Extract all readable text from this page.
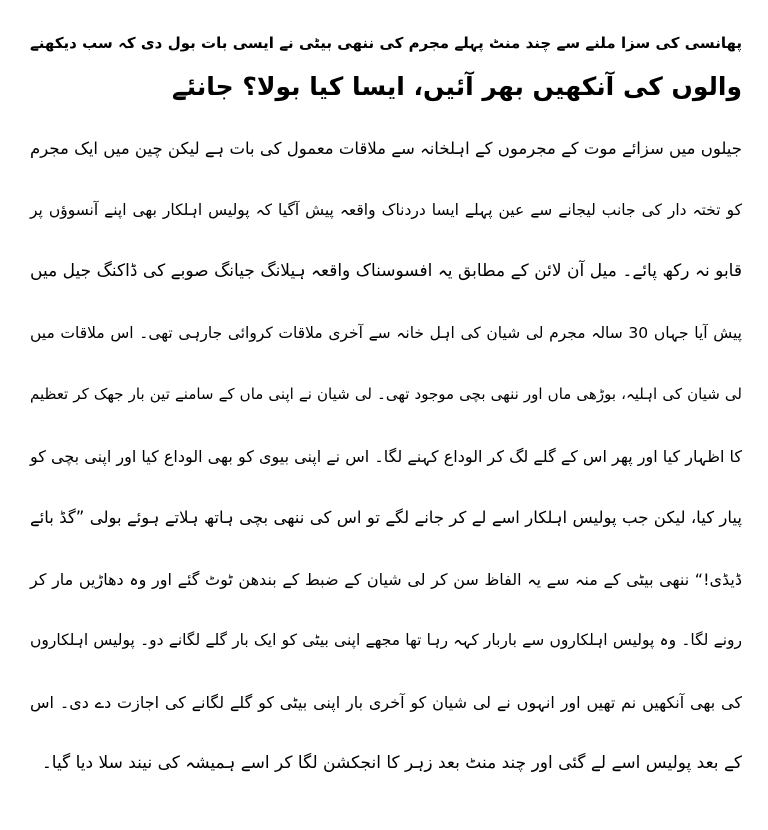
پھانسی کی سزا ملنے سے چند منٹ پہلے مجرم کی ننھی بیٹی نے ایسی بات بول دی کہ سب دیکھنے
والوں کی آنکھیں بھر آئیں، ایسا کیا بولا؟ جانئے
جیلوں میں سزائے موت کے مجرموں کے اہلخانہ سے ملاقات معمول کی بات ہے لیکن چین میں ایک مجرم
کو تختہ دار کی جانب لیجانے سے عین پہلے ایسا دردناک واقعہ پیش آگیا کہ پولیس اہلکار بھی اپنے آنسوؤں پر
قابو نہ رکھ پائے۔ میل آن لائن کے مطابق یہ افسوسناک واقعہ ہیلانگ جیانگ صوبے کی ڈاکنگ جیل میں
پیش آیا جہاں 30 سالہ مجرم لی شیان کی اہل خانہ سے آخری ملاقات کروائی جارہی تھی۔ اس ملاقات میں
لی شیان کی اہلیہ، بوڑھی ماں اور ننھی بچی موجود تھی۔ لی شیان نے اپنی ماں کے سامنے تین بار جھک کر تعظیم
کا اظہار کیا اور پھر اس کے گلے لگ کر الوداع کہنے لگا۔ اس نے اپنی بیوی کو بھی الوداع کیا اور اپنی بچی کو
پیار کیا، لیکن جب پولیس اہلکار اسے لے کر جانے لگے تو اس کی ننھی بچی ہاتھ ہلاتے ہوئے بولی ”گڈ بائے
ڈیڈی!“ ننھی بیٹی کے منہ سے یہ الفاظ سن کر لی شیان کے ضبط کے بندھن ٹوٹ گئے اور وہ دھاڑیں مار کر
رونے لگا۔ وہ پولیس اہلکاروں سے باربار کہہ رہا تھا مجھے اپنی بیٹی کو ایک بار گلے لگانے دو۔ پولیس اہلکاروں
کی بھی آنکھیں نم تھیں اور انہوں نے لی شیان کو آخری بار اپنی بیٹی کو گلے لگانے کی اجازت دے دی۔ اس
کے بعد پولیس اسے لے گئی اور چند منٹ بعد زہر کا انجکشن لگا کر اسے ہمیشہ کی نیند سلا دیا گیا۔
